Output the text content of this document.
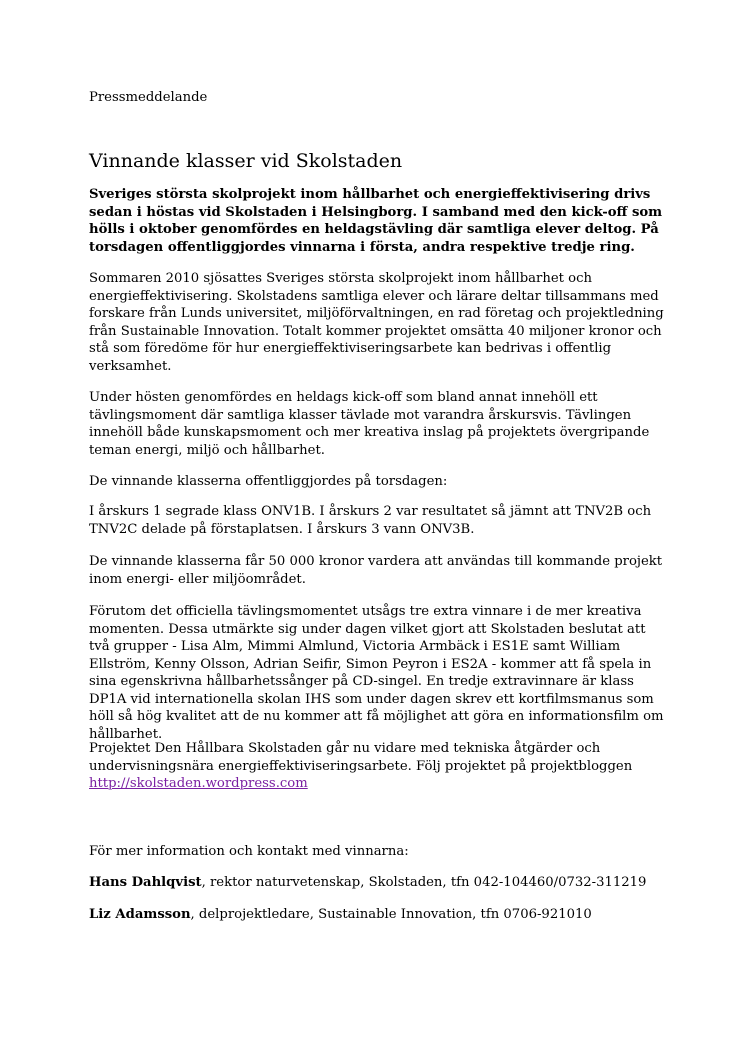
Pressmeddelande
Vinnande klasser vid Skolstaden

Sveriges största skolprojekt inom hållbarhet och energieffektivisering drivs sedan i höstas vid Skolstaden i Helsingborg. I samband med den kick-off som hölls i oktober genomfördes en heldagstävling där samtliga elever deltog. På torsdagen offentliggjordes vinnarna i första, andra respektive tredje ring.

Sommaren 2010 sjösattes Sveriges största skolprojekt inom hållbarhet och energieffektivisering. Skolstadens samtliga elever och lärare deltar tillsammans med forskare från Lunds universitet, miljöförvaltningen, en rad företag och projektledning från Sustainable Innovation. Totalt kommer projektet omsätta 40 miljoner kronor och stå som föredöme för hur energieffektiviseringsarbete kan bedrivas i offentlig verksamhet.

Under hösten genomfördes en heldags kick-off som bland annat innehöll ett tävlingsmoment där samtliga klasser tävlade mot varandra årskursvis. Tävlingen innehöll både kunskapsmoment och mer kreativa inslag på projektets övergripande teman energi, miljö och hållbarhet.

De vinnande klasserna offentliggjordes på torsdagen:

I årskurs 1 segrade klass ONV1B. I årskurs 2 var resultatet så jämnt att TNV2B och TNV2C delade på förstaplatsen. I årskurs 3 vann ONV3B.

De vinnande klasserna får 50 000 kronor vardera att användas till kommande projekt inom energi- eller miljöområdet.

Förutom det officiella tävlingsmomentet utsågs tre extra vinnare i de mer kreativa momenten. Dessa utmärkte sig under dagen vilket gjort att Skolstaden beslutat att två grupper - Lisa Alm, Mimmi Almlund, Victoria Armbäck i ES1E samt William Ellström, Kenny Olsson, Adrian Seifir, Simon Peyron i ES2A - kommer att få spela in sina egenskrivna hållbarhetssånger på CD-singel. En tredje extravinnare är klass DP1A vid internationella skolan IHS som under dagen skrev ett kortfilmsmanus som höll så hög kvalitet att de nu kommer att få möjlighet att göra en informationsfilm om hållbarhet.

Projektet Den Hållbara Skolstaden går nu vidare med tekniska åtgärder och undervisningsnära energieffektiviseringsarbete. Följ projektet på projektbloggen
http://skolstaden.wordpress.com

För mer information och kontakt med vinnarna:

Hans Dahlqvist, rektor naturvetenskap, Skolstaden, tfn 042-104460/0732-311219

Liz Adamsson, delprojektledare, Sustainable Innovation, tfn 0706-921010
